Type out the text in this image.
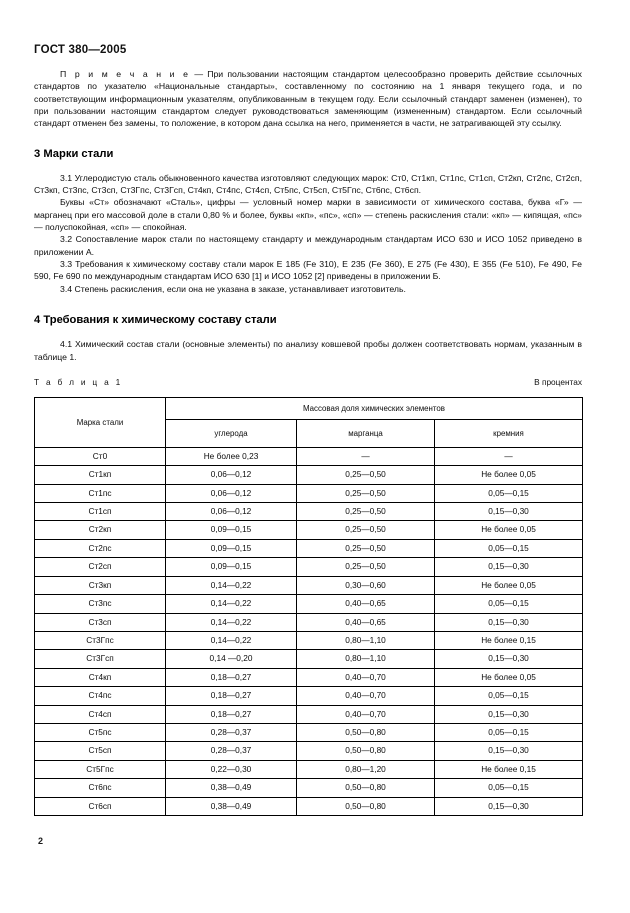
ГОСТ 380—2005

П р и м е ч а н и е — При пользовании настоящим стандартом целесообразно проверить действие ссылочных стандартов по указателю «Национальные стандарты», составленному по состоянию на 1 января текущего года, и по соответствующим информационным указателям, опубликованным в текущем году. Если ссылочный стандарт заменен (изменен), то при пользовании настоящим стандартом следует руководствоваться заменяющим (измененным) стандартом. Если ссылочный стандарт отменен без замены, то положение, в котором дана ссылка на него, применяется в части, не затрагивающей эту ссылку.

3 Марки стали

3.1 Углеродистую сталь обыкновенного качества изготовляют следующих марок: Ст0, Ст1кп, Ст1пс, Ст1сп, Ст2кп, Ст2пс, Ст2сп, Ст3кп, Ст3пс, Ст3сп, Ст3Гпс, Ст3Гсп, Ст4кп, Ст4пс, Ст4сп, Ст5пс, Ст5сп, Ст5Гпс, Ст6пс, Ст6сп.

Буквы «Ст» обозначают «Сталь», цифры — условный номер марки в зависимости от химического состава, буква «Г» — марганец при его массовой доле в стали 0,80 % и более, буквы «кп», «пс», «сп» — степень раскисления стали: «кп» — кипящая, «пс» — полуспокойная, «сп» — спокойная.

3.2 Сопоставление марок стали по настоящему стандарту и международным стандартам ИСО 630 и ИСО 1052 приведено в приложении А.

3.3 Требования к химическому составу стали марок Е 185 (Fe 310), Е 235 (Fe 360), Е 275 (Fe 430), Е 355 (Fe 510), Fe 490, Fe 590, Fe 690 по международным стандартам ИСО 630 [1] и ИСО 1052 [2] приведены в приложении Б.

3.4 Степень раскисления, если она не указана в заказе, устанавливает изготовитель.

4 Требования к химическому составу стали

4.1 Химический состав стали (основные элементы) по анализу ковшевой пробы должен соответствовать нормам, указанным в таблице 1.

Т а б л и ц а 1	В процентах
Марка стали	Массовая доля химических элементов		
	углерода	марганца	кремния
Ст0	Не более 0,23	—	—
Ст1кп	0,06—0,12	0,25—0,50	Не более 0,05
Ст1пс	0,06—0,12	0,25—0,50	0,05—0,15
Ст1сп	0,06—0,12	0,25—0,50	0,15—0,30
Ст2кп	0,09—0,15	0,25—0,50	Не более 0,05
Ст2пс	0,09—0,15	0,25—0,50	0,05—0,15
Ст2сп	0,09—0,15	0,25—0,50	0,15—0,30
Ст3кп	0,14—0,22	0,30—0,60	Не более 0,05
Ст3пс	0,14—0,22	0,40—0,65	0,05—0,15
Ст3сп	0,14—0,22	0,40—0,65	0,15—0,30
Ст3Гпс	0,14—0,22	0,80—1,10	Не более 0,15
Ст3Гсп	0,14 —0,20	0,80—1,10	0,15—0,30
Ст4кп	0,18—0,27	0,40—0,70	Не более 0,05
Ст4пс	0,18—0,27	0,40—0,70	0,05—0,15
Ст4сп	0,18—0,27	0,40—0,70	0,15—0,30
Ст5пс	0,28—0,37	0,50—0,80	0,05—0,15
Ст5сп	0,28—0,37	0,50—0,80	0,15—0,30
Ст5Гпс	0,22—0,30	0,80—1,20	Не более 0,15
Ст6пс	0,38—0,49	0,50—0,80	0,05—0,15
Ст6сп	0,38—0,49	0,50—0,80	0,15—0,30
2
